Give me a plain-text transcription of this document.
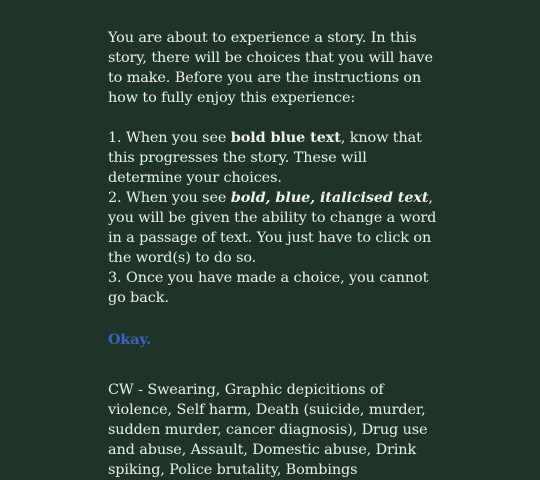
You are about to experience a story. In this story, there will be choices that you will have to make. Before you are the instructions on how to fully enjoy this experience:

1. When you see bold blue text, know that this progresses the story. These will determine your choices.
2. When you see bold, blue, italicised text, you will be given the ability to change a word in a passage of text. You just have to click on the word(s) to do so.
3. Once you have made a choice, you cannot go back.

Okay.

CW - Swearing, Graphic depicitions of violence, Self harm, Death (suicide, murder, sudden murder, cancer diagnosis), Drug use and abuse, Assault, Domestic abuse, Drink spiking, Police brutality, Bombings
